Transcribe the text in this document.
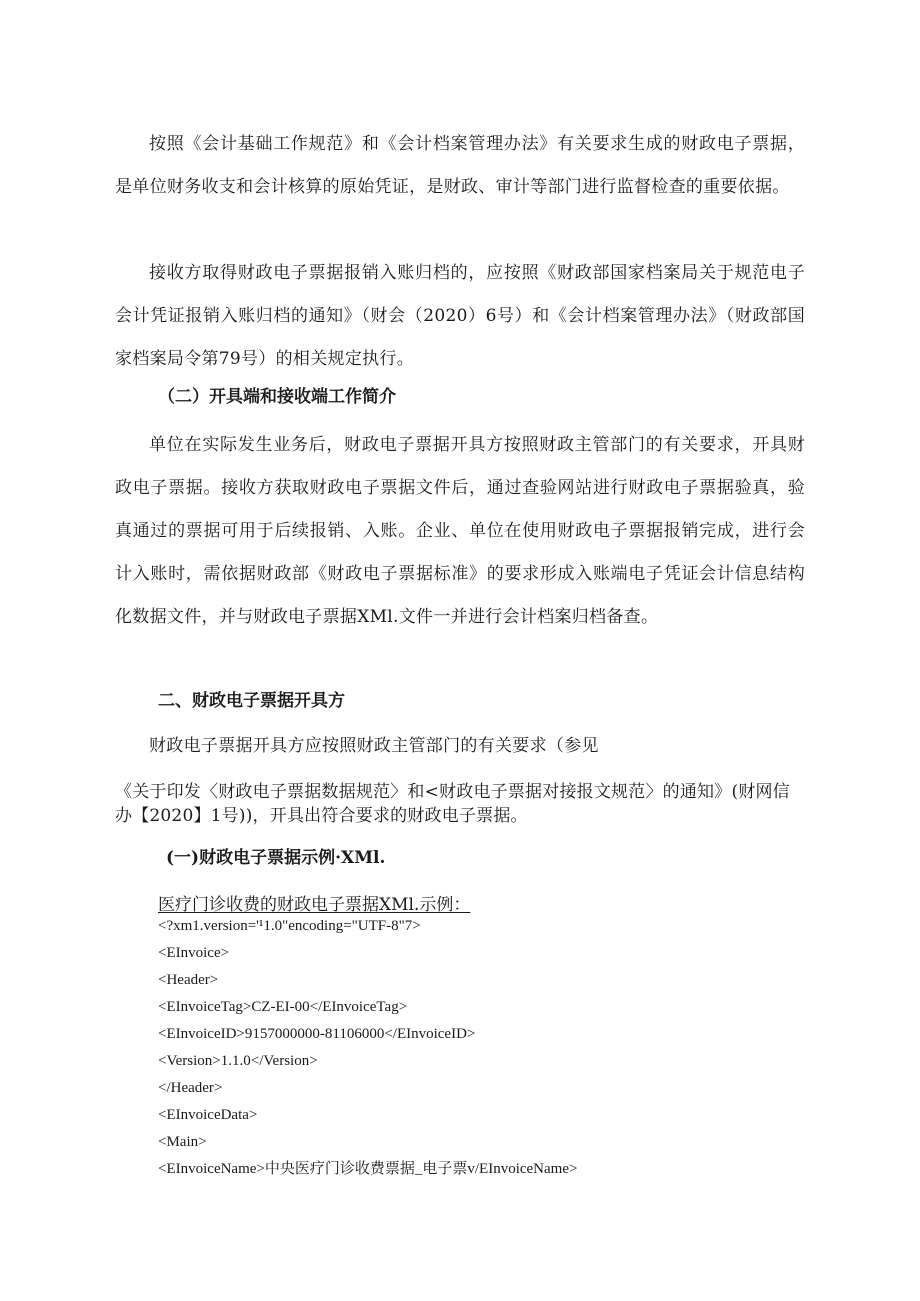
按照《会计基础工作规范》和《会计档案管理办法》有关要求生成的财政电子票据，是单位财务收支和会计核算的原始凭证，是财政、审计等部门进行监督检查的重要依据。

接收方取得财政电子票据报销入账归档的，应按照《财政部国家档案局关于规范电子会计凭证报销入账归档的通知》（财会（2020）6号）和《会计档案管理办法》（财政部国家档案局令第79号）的相关规定执行。

（二）开具端和接收端工作简介

单位在实际发生业务后，财政电子票据开具方按照财政主管部门的有关要求，开具财政电子票据。接收方获取财政电子票据文件后，通过查验网站进行财政电子票据验真，验真通过的票据可用于后续报销、入账。企业、单位在使用财政电子票据报销完成，进行会计入账时，需依据财政部《财政电子票据标准》的要求形成入账端电子凭证会计信息结构化数据文件，并与财政电子票据XMl.文件一并进行会计档案归档备查。

二、财政电子票据开具方

财政电子票据开具方应按照财政主管部门的有关要求（参见

《关于印发〈财政电子票据数据规范〉和<财政电子票据对接报文规范〉的通知》(财网信办【2020】1号))，开具出符合要求的财政电子票据。

(一)财政电子票据示例·XMl.
医疗门诊收费的财政电子票据XMl.示例：
<?xm1.version='¹1.0"encoding="UTF-8"7>
<EInvoice>
<Header>
<EInvoiceTag>CZ-EI-00</EInvoiceTag>
<EInvoiceID>9157000000-81106000</EInvoiceID>
<Version>1.1.0</Version>
</Header>
<EInvoiceData>
<Main>
<EInvoiceName>中央医疗门诊收费票据_电子票v/EInvoiceName>
